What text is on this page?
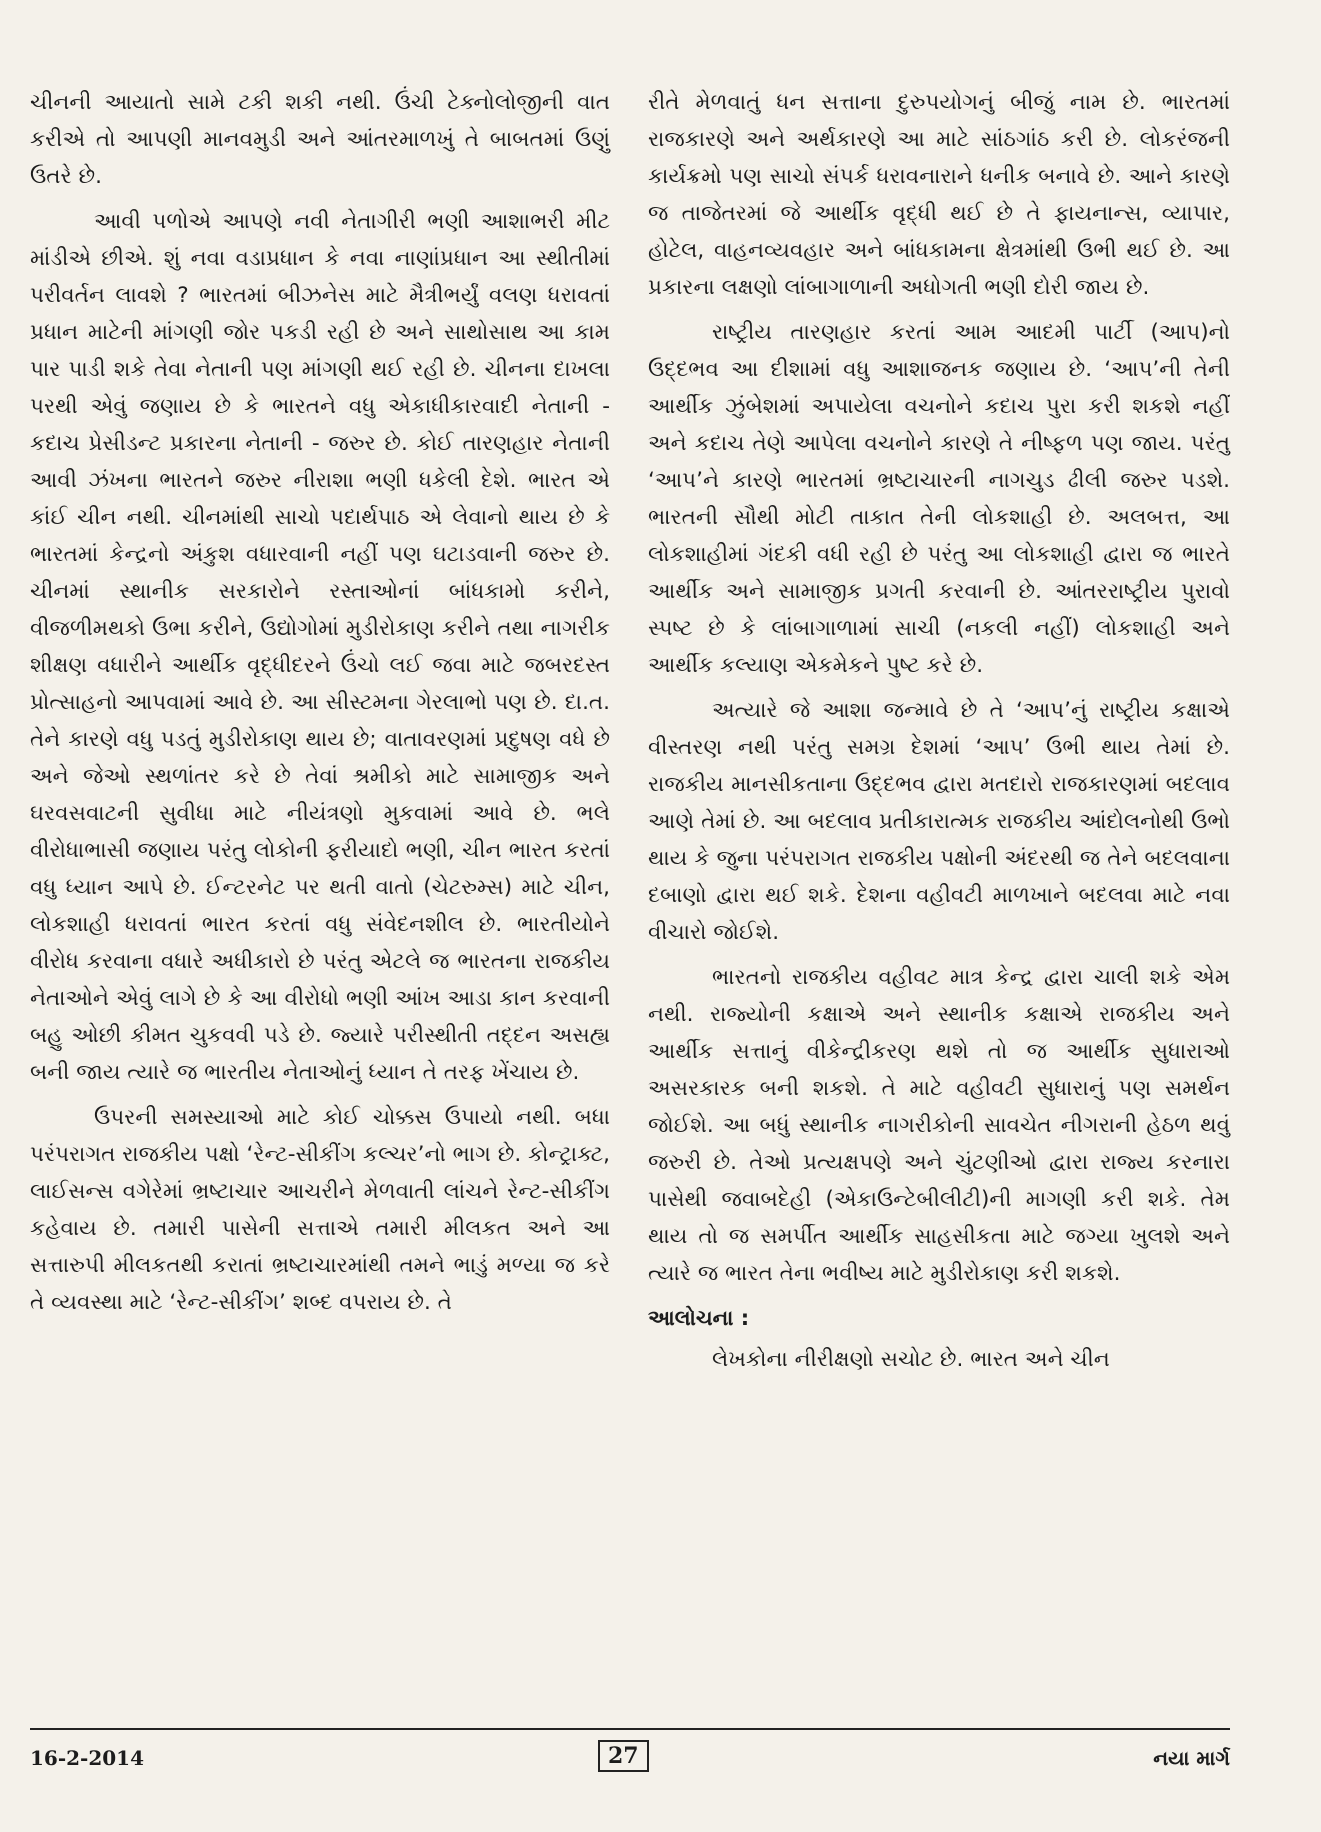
ચીનની આયાતો સામે ટકી શકી નથી. ઉંચી ટેક્નોલોજીની વાત કરીએ તો આપણી માનવમુડી અને આંતરમાળખું તે બાબતમાં ઉણું ઉતરે છે.

આવી પળોએ આપણે નવી નેતાગીરી ભણી આશાભરી મીટ માંડીએ છીએ. શું નવા વડાપ્રધાન કે નવા નાણાંપ્રધાન આ સ્થીતીમાં પરીવર્તન લાવશે ? ભારતમાં બીઝનેસ માટે મૈત્રીભર્યું વલણ ધરાવતાં પ્રધાન માટેની માંગણી જોર પકડી રહી છે અને સાથોસાથ આ કામ પાર પાડી શકે તેવા નેતાની પણ માંગણી થઈ રહી છે. ચીનના દાખલા પરથી એવું જણાય છે કે ભારતને વધુ એકાધીકારવાદી નેતાની - કદાચ પ્રેસીડન્ટ પ્રકારના નેતાની - જરુર છે. કોઈ તારણહાર નેતાની આવી ઝંખના ભારતને જરુર નીરાશા ભણી ધકેલી દેશે. ભારત એ કાંઈ ચીન નથી. ચીનમાંથી સાચો પદાર્થપાઠ એ લેવાનો થાય છે કે ભારતમાં કેન્દ્રનો અંકુશ વધારવાની નહીં પણ ઘટાડવાની જરુર છે. ચીનમાં સ્થાનીક સરકારોને રસ્તાઓનાં બાંધકામો કરીને, વીજળીમથકો ઉભા કરીને, ઉદ્યોગોમાં મુડીરોકાણ કરીને તથા નાગરીક શીક્ષણ વધારીને આર્થીક વૃદ્ધીદરને ઉંચો લઈ જવા માટે જબરદસ્ત પ્રોત્સાહનો આપવામાં આવે છે. આ સીસ્ટમના ગેરલાભો પણ છે. દા.ત. તેને કારણે વધુ પડતું મુડીરોકાણ થાય છે; વાતાવરણમાં પ્રદુષણ વધે છે અને જેઓ સ્થળાંતર કરે છે તેવાં શ્રમીકો માટે સામાજીક અને ઘરવસવાટની સુવીધા માટે નીયંત્રણો મુકવામાં આવે છે. ભલે વીરોધાભાસી જણાય પરંતુ લોકોની ફરીયાદો ભણી, ચીન ભારત કરતાં વધુ ધ્યાન આપે છે. ઈન્ટરનેટ પર થતી વાતો (ચેટરુમ્સ) માટે ચીન, લોકશાહી ધરાવતાં ભારત કરતાં વધુ સંવેદનશીલ છે. ભારતીયોને વીરોધ કરવાના વધારે અધીકારો છે પરંતુ એટલે જ ભારતના રાજકીય નેતાઓને એવું લાગે છે કે આ વીરોધો ભણી આંખ આડા કાન કરવાની બહુ ઓછી કીમત ચુકવવી પડે છે. જ્યારે પરીસ્થીતી તદ્દન અસહ્ય બની જાય ત્યારે જ ભારતીય નેતાઓનું ધ્યાન તે તરફ ખેંચાય છે.

ઉપરની સમસ્યાઓ માટે કોઈ ચોક્કસ ઉપાયો નથી. બધા પરંપરાગત રાજકીય પક્ષો ‘રેન્ટ-સીકીંગ કલ્ચર’નો ભાગ છે. કોન્ટ્રાક્ટ, લાઈસન્સ વગેરેમાં ભ્રષ્ટાચાર આચરીને મેળવાતી લાંચને રેન્ટ-સીકીંગ કહેવાય છે. તમારી પાસેની સત્તાએ તમારી મીલકત અને આ સત્તારુપી મીલકતથી કરાતાં ભ્રષ્ટાચારમાંથી તમને ભાડું મળ્યા જ કરે તે વ્યવસ્થા માટે ‘રેન્ટ-સીકીંગ’ શબ્દ વપરાય છે. તે

રીતે મેળવાતું ધન સત્તાના દુરુપયોગનું બીજું નામ છે. ભારતમાં રાજકારણે અને અર્થકારણે આ માટે સાંઠગાંઠ કરી છે. લોકરંજની કાર્યક્રમો પણ સાચો સંપર્ક ધરાવનારાને ધનીક બનાવે છે. આને કારણે જ તાજેતરમાં જે આર્થીક વૃદ્ધી થઈ છે તે ફાયનાન્સ, વ્યાપાર, હોટેલ, વાહનવ્યવહાર અને બાંધકામના ક્ષેત્રમાંથી ઉભી થઈ છે. આ પ્રકારના લક્ષણો લાંબાગાળાની અધોગતી ભણી દોરી જાય છે.

રાષ્ટ્રીય તારણહાર કરતાં આમ આદમી પાર્ટી (આપ)નો ઉદ્દભવ આ દીશામાં વધુ આશાજનક જણાય છે. ‘આપ’ની તેની આર્થીક ઝુંબેશમાં અપાયેલા વચનોને કદાચ પુરા કરી શકશે નહીં અને કદાચ તેણે આપેલા વચનોને કારણે તે નીષ્ફળ પણ જાય. પરંતુ ‘આપ’ને કારણે ભારતમાં ભ્રષ્ટાચારની નાગચુડ ઢીલી જરુર પડશે. ભારતની સૌથી મોટી તાકાત તેની લોકશાહી છે. અલબત્ત, આ લોકશાહીમાં ગંદકી વધી રહી છે પરંતુ આ લોકશાહી દ્વારા જ ભારતે આર્થીક અને સામાજીક પ્રગતી કરવાની છે. આંતરરાષ્ટ્રીય પુરાવો સ્પષ્ટ છે કે લાંબાગાળામાં સાચી (નકલી નહીં) લોકશાહી અને આર્થીક કલ્યાણ એકમેકને પુષ્ટ કરે છે.

અત્યારે જે આશા જન્માવે છે તે ‘આપ’નું રાષ્ટ્રીય કક્ષાએ વીસ્તરણ નથી પરંતુ સમગ્ર દેશમાં ‘આપ’ ઉભી થાય તેમાં છે. રાજકીય માનસીકતાના ઉદ્દભવ દ્વારા મતદારો રાજકારણમાં બદલાવ આણે તેમાં છે. આ બદલાવ પ્રતીકારાત્મક રાજકીય આંદોલનોથી ઉભો થાય કે જુના પરંપરાગત રાજકીય પક્ષોની અંદરથી જ તેને બદલવાના દબાણો દ્વારા થઈ શકે. દેશના વહીવટી માળખાને બદલવા માટે નવા વીચારો જોઈશે.

ભારતનો રાજકીય વહીવટ માત્ર કેન્દ્ર દ્વારા ચાલી શકે એમ નથી. રાજ્યોની કક્ષાએ અને સ્થાનીક કક્ષાએ રાજકીય અને આર્થીક સત્તાનું વીકેન્દ્રીકરણ થશે તો જ આર્થીક સુધારાઓ અસરકારક બની શકશે. તે માટે વહીવટી સુધારાનું પણ સમર્થન જોઈશે. આ બધું સ્થાનીક નાગરીકોની સાવચેત નીગરાની હેઠળ થવું જરુરી છે. તેઓ પ્રત્યક્ષપણે અને ચુંટણીઓ દ્વારા રાજ્ય કરનારા પાસેથી જવાબદેહી (એકાઉન્ટેબીલીટી)ની માગણી કરી શકે. તેમ થાય તો જ સમર્પીત આર્થીક સાહસીકતા માટે જગ્યા ખુલશે અને ત્યારે જ ભારત તેના ભવીષ્ય માટે મુડીરોકાણ કરી શકશે.

આલોચના :

લેખકોના નીરીક્ષણો સચોટ છે. ભારત અને ચીન

16-2-2014	27	નયા માર્ગ
